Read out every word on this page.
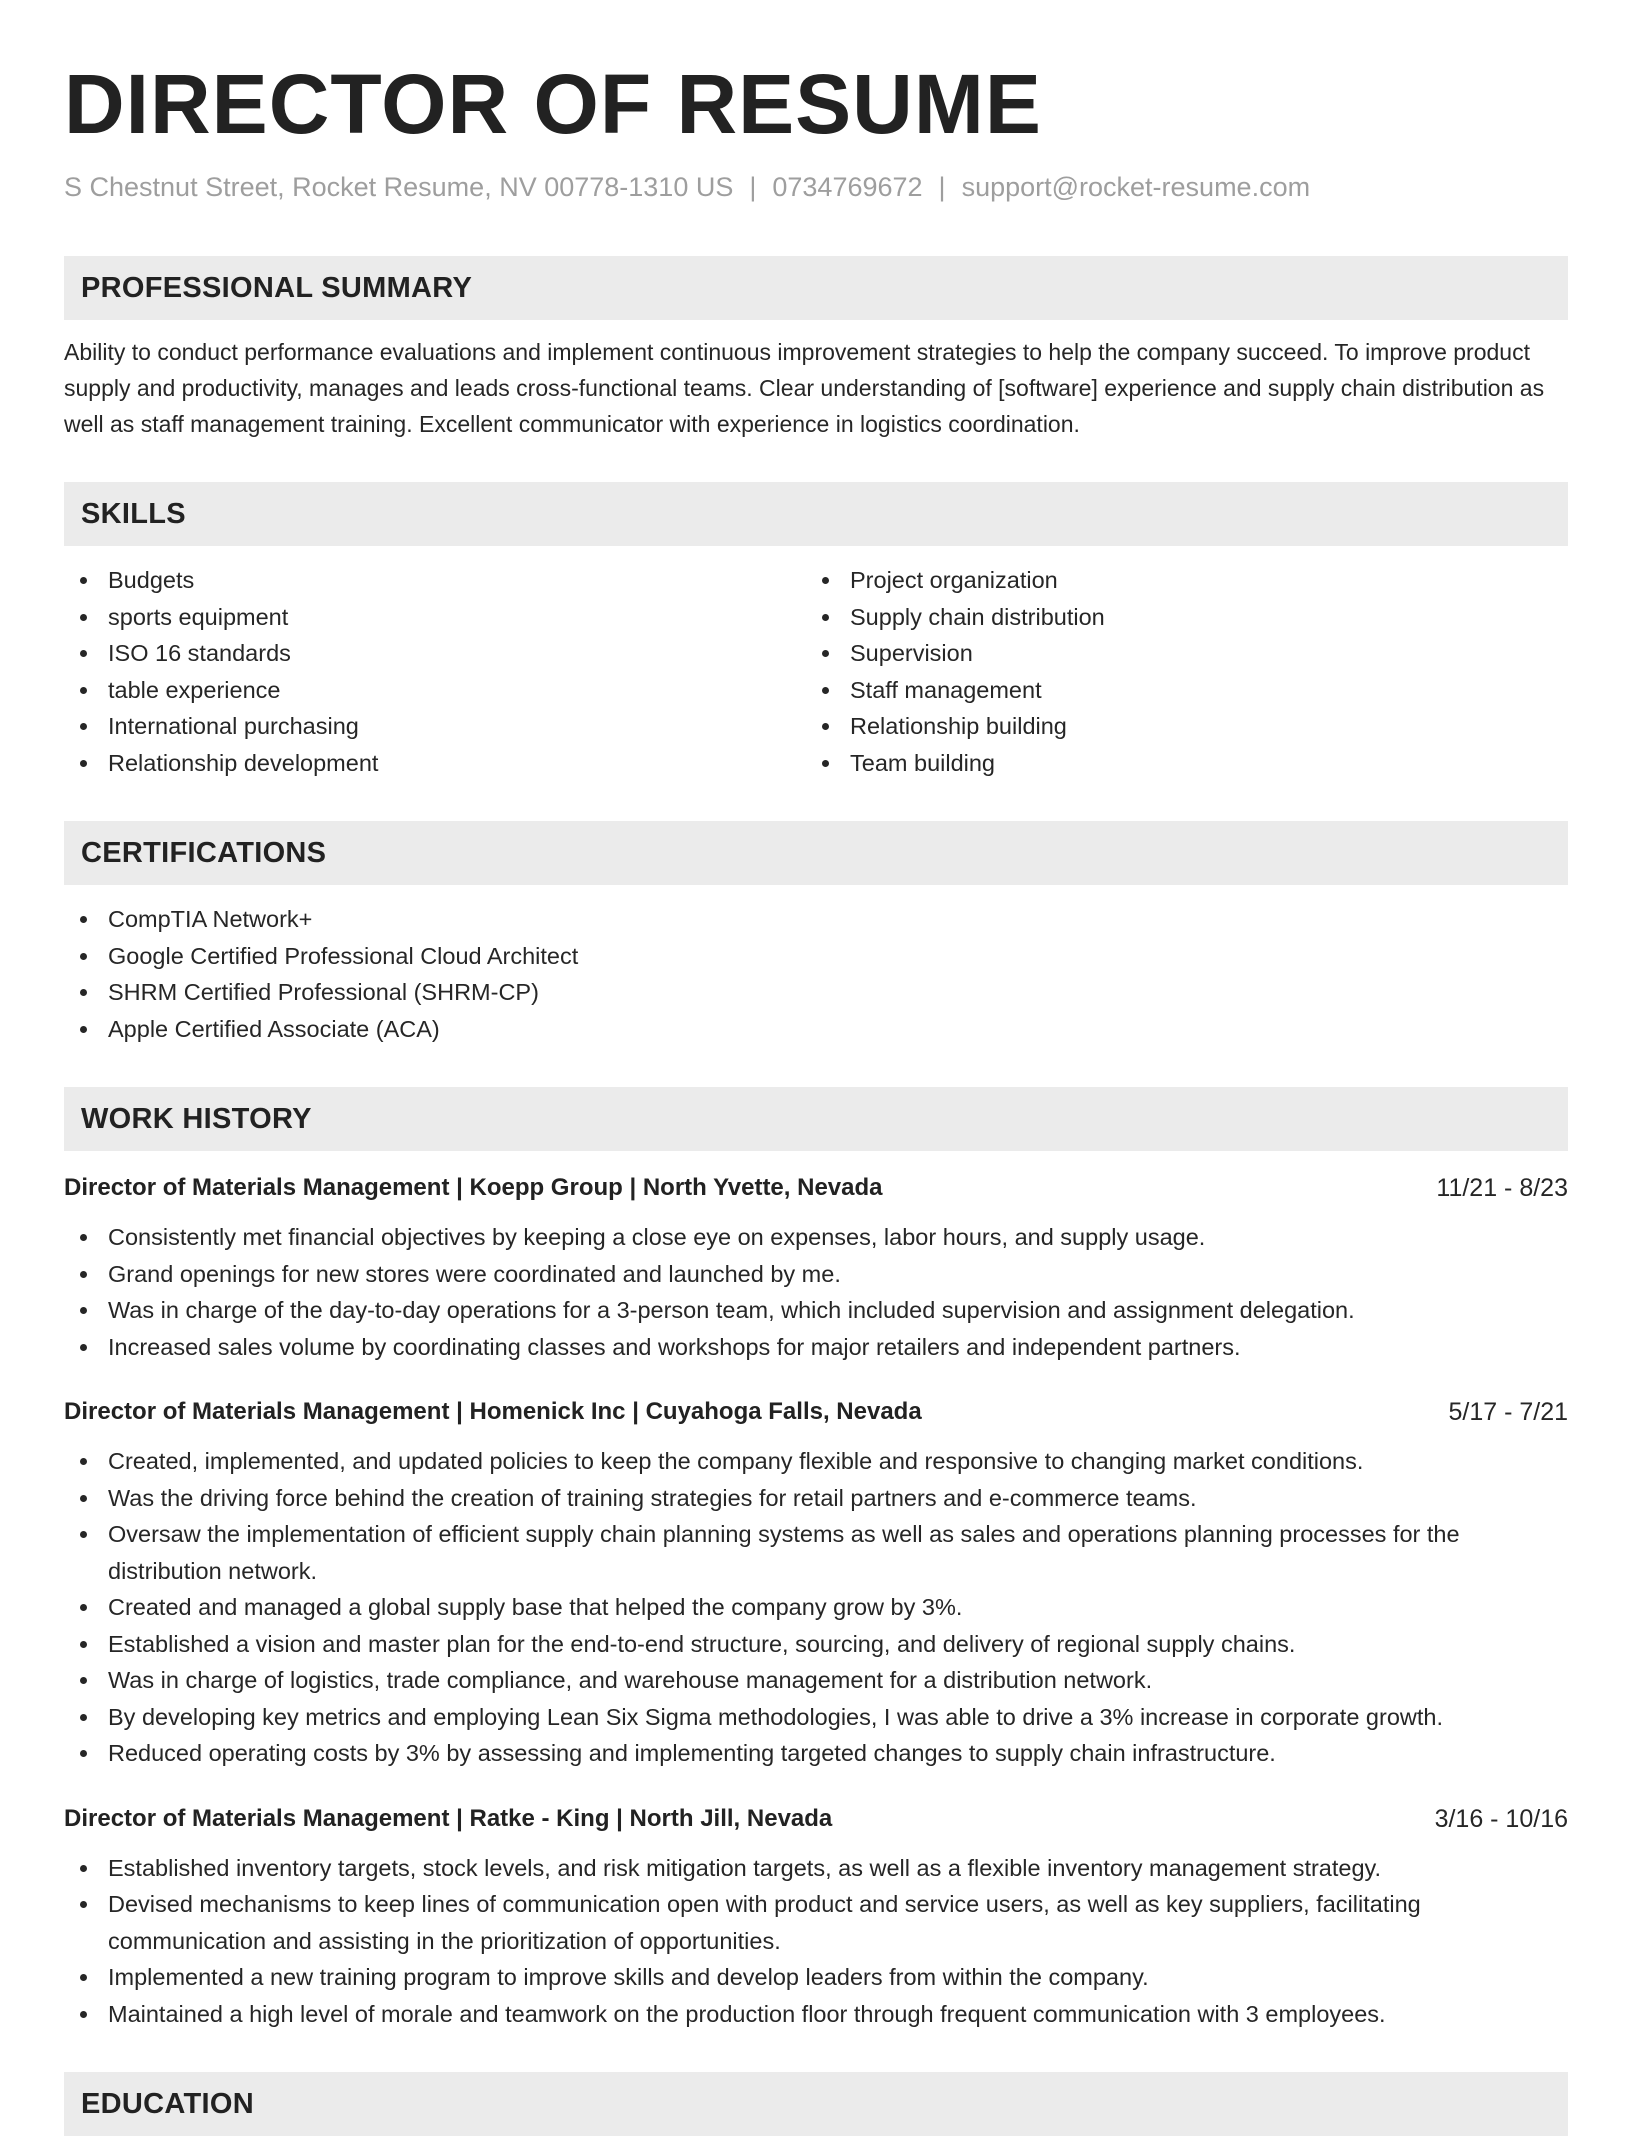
DIRECTOR OF RESUME
S Chestnut Street, Rocket Resume, NV 00778-1310 US | 0734769672 | support@rocket-resume.com
PROFESSIONAL SUMMARY
Ability to conduct performance evaluations and implement continuous improvement strategies to help the company succeed. To improve product supply and productivity, manages and leads cross-functional teams. Clear understanding of [software] experience and supply chain distribution as well as staff management training. Excellent communicator with experience in logistics coordination.
SKILLS
Budgets
sports equipment
ISO 16 standards
table experience
International purchasing
Relationship development
Project organization
Supply chain distribution
Supervision
Staff management
Relationship building
Team building
CERTIFICATIONS
CompTIA Network+
Google Certified Professional Cloud Architect
SHRM Certified Professional (SHRM-CP)
Apple Certified Associate (ACA)
WORK HISTORY
Director of Materials Management | Koepp Group | North Yvette, Nevada	11/21 - 8/23
Consistently met financial objectives by keeping a close eye on expenses, labor hours, and supply usage.
Grand openings for new stores were coordinated and launched by me.
Was in charge of the day-to-day operations for a 3-person team, which included supervision and assignment delegation.
Increased sales volume by coordinating classes and workshops for major retailers and independent partners.
Director of Materials Management | Homenick Inc | Cuyahoga Falls, Nevada	5/17 - 7/21
Created, implemented, and updated policies to keep the company flexible and responsive to changing market conditions.
Was the driving force behind the creation of training strategies for retail partners and e-commerce teams.
Oversaw the implementation of efficient supply chain planning systems as well as sales and operations planning processes for the distribution network.
Created and managed a global supply base that helped the company grow by 3%.
Established a vision and master plan for the end-to-end structure, sourcing, and delivery of regional supply chains.
Was in charge of logistics, trade compliance, and warehouse management for a distribution network.
By developing key metrics and employing Lean Six Sigma methodologies, I was able to drive a 3% increase in corporate growth.
Reduced operating costs by 3% by assessing and implementing targeted changes to supply chain infrastructure.
Director of Materials Management | Ratke - King | North Jill, Nevada	3/16 - 10/16
Established inventory targets, stock levels, and risk mitigation targets, as well as a flexible inventory management strategy.
Devised mechanisms to keep lines of communication open with product and service users, as well as key suppliers, facilitating communication and assisting in the prioritization of opportunities.
Implemented a new training program to improve skills and develop leaders from within the company.
Maintained a high level of morale and teamwork on the production floor through frequent communication with 3 employees.
EDUCATION
